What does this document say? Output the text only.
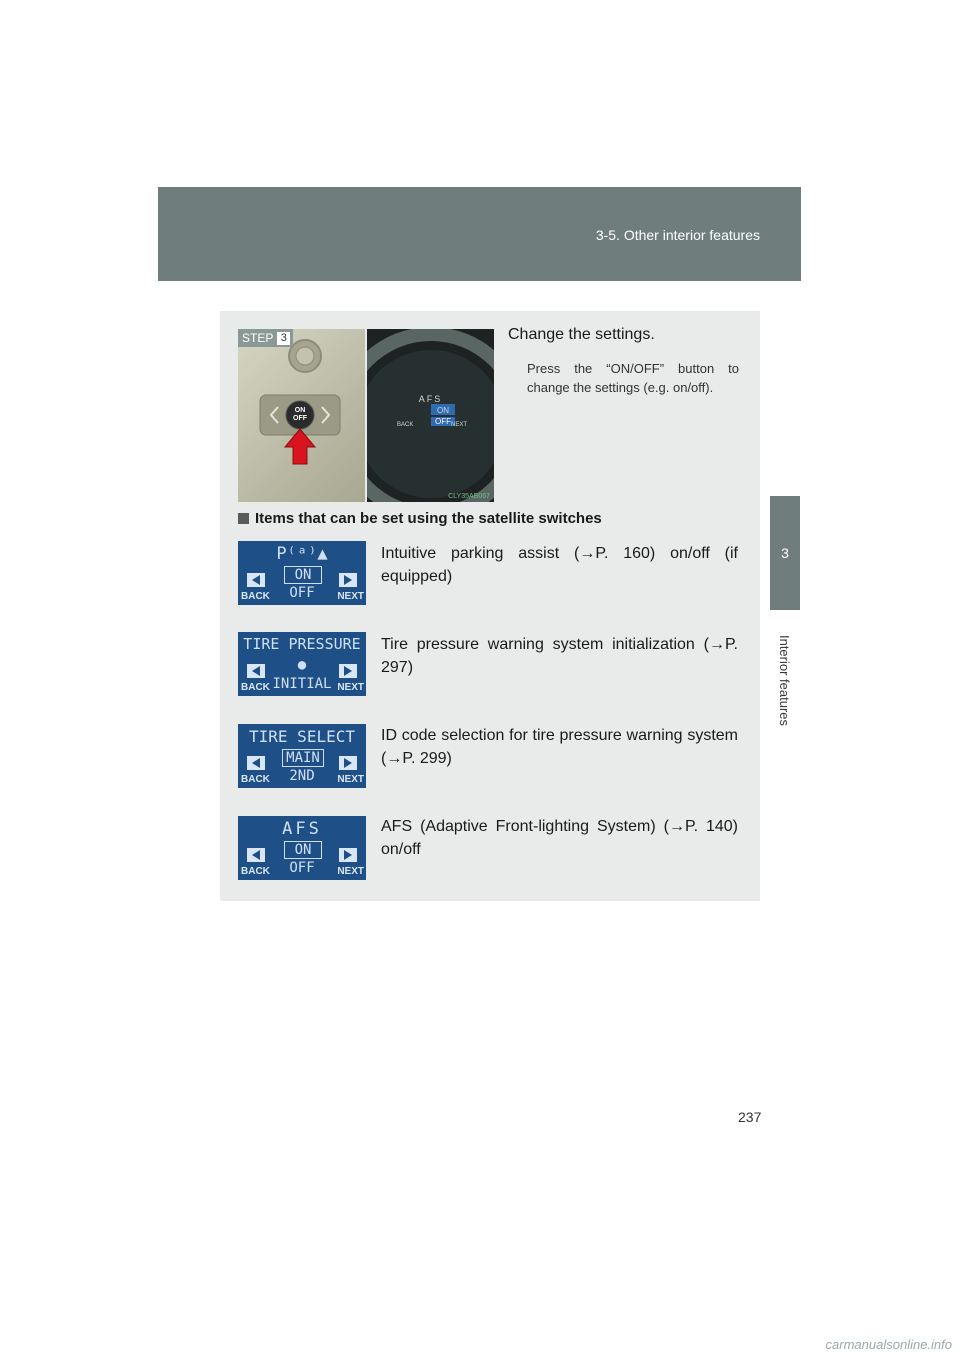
3-5. Other interior features
3
Interior features
ON
OFF
AFS
ON
OFF
BACK	NEXT
CLY35AB067
STEP 3	Change the settings.
Press the “ON/OFF” button to change the settings (e.g. on/off).
Items that can be set using the satellite switches
P⁽ᵃ⁾▲
ON
OFF
BACK	NEXT
Intuitive parking assist (→P. 160) on/off (if equipped)
TIRE PRESSURE
●
INITIAL
BACK	NEXT
Tire pressure warning system initialization (→P. 297)
TIRE SELECT
MAIN
2ND
BACK	NEXT
ID code selection for tire pressure warning system (→P. 299)
AFS
ON
OFF
BACK	NEXT
AFS (Adaptive Front-lighting System) (→P. 140) on/off
237
carmanualsonline.info
